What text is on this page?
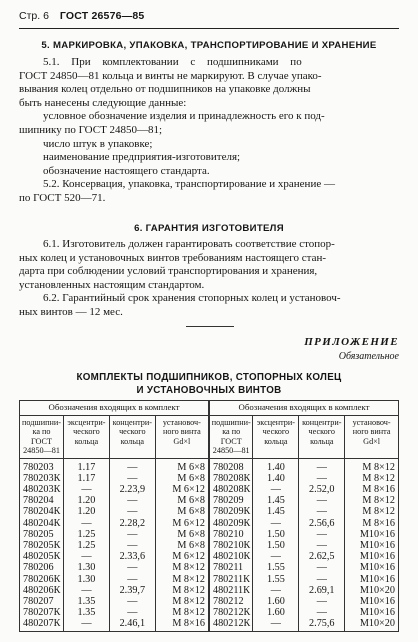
Стр. 6 ГОСТ 26576—85
5. МАРКИРОВКА, УПАКОВКА, ТРАНСПОРТИРОВАНИЕ И ХРАНЕНИЕ
5.1. При комплектовании с подшипниками по
ГОСТ 24850—81 кольца и винты не маркируют. В случае упако-
вывания колец отдельно от подшипников на упаковке должны
быть нанесены следующие данные:
условное обозначение изделия и принадлежность его к под-
шипнику по ГОСТ 24850—81;
число штук в упаковке;
наименование предприятия-изготовителя;
обозначение настоящего стандарта.
5.2. Консервация, упаковка, транспортирование и хранение —
по ГОСТ 520—71.
6. ГАРАНТИЯ ИЗГОТОВИТЕЛЯ
6.1. Изготовитель должен гарантировать соответствие стопор-
ных колец и установочных винтов требованиям настоящего стан-
дарта при соблюдении условий транспортирования и хранения,
установленных настоящим стандартом.
6.2. Гарантийный срок хранения стопорных колец и установоч-
ных винтов — 12 мес.
ПРИЛОЖЕНИЕ
Обязательное
КОМПЛЕКТЫ ПОДШИПНИКОВ, СТОПОРНЫХ КОЛЕЦ
И УСТАНОВОЧНЫХ ВИНТОВ
Обозначения входящих в комплект				Обозначения входящих в комплект			
подшипни-ка по ГОСТ 24850—81	эксцентри-ческого кольца	концентри-ческого кольца	установоч-ного винта Gd×l	подшипни-ка по ГОСТ 24850—81	эксцентри-ческого кольца	концентри-ческого кольца	установоч-ного винта Gd×l
780203	1.17	—	М 6×8	780208	1.40	—	М 8×12
780203К	1.17	—	М 6×8	780208К	1.40	—	М 8×12
480203К	—	2.23,9	М 6×12	480208К	—	2.52,0	М 8×16
780204	1.20	—	М 6×8	780209	1.45	—	М 8×12
780204К	1.20	—	М 6×8	780209К	1.45	—	М 8×12
480204К	—	2.28,2	М 6×12	480209К	—	2.56,6	М 8×16
780205	1.25	—	М 6×8	780210	1.50	—	М10×16
780205К	1.25	—	М 6×8	780210К	1.50	—	М10×16
480205К	—	2.33,6	М 6×12	480210К	—	2.62,5	М10×16
780206	1.30	—	М 8×12	780211	1.55	—	М10×16
780206К	1.30	—	М 8×12	780211К	1.55	—	М10×16
480206К	—	2.39,7	М 8×12	480211К	—	2.69,1	М10×20
780207	1.35	—	М 8×12	780212	1.60	—	М10×16
780207К	1.35	—	М 8×12	780212К	1.60	—	М10×16
480207К	—	2.46,1	М 8×16	480212К	—	2.75,6	М10×20
